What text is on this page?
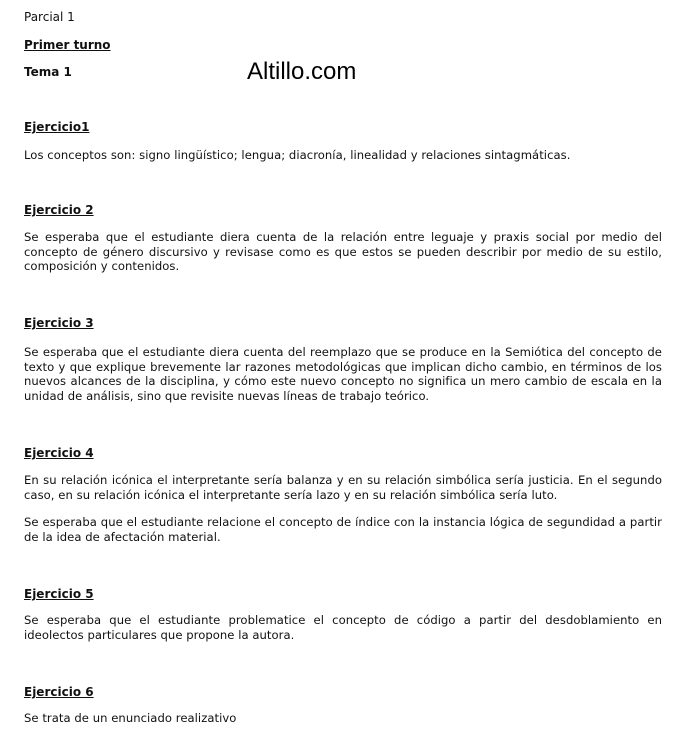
Parcial 1
Primer turno
Tema 1	Altillo.com
Ejercicio1
Los conceptos son: signo lingüístico; lengua; diacronía, linealidad y relaciones sintagmáticas.
Ejercicio 2
Se esperaba que el estudiante diera cuenta de la relación entre leguaje y praxis social por medio del concepto de género discursivo y revisase como es que estos se pueden describir por medio de su estilo, composición y contenidos.
Ejercicio 3
Se esperaba que el estudiante diera cuenta del reemplazo que se produce en la Semiótica del concepto de texto y que explique brevemente lar razones metodológicas que implican dicho cambio, en términos de los nuevos alcances de la disciplina, y cómo este nuevo concepto no significa un mero cambio de escala en la unidad de análisis, sino que revisite nuevas líneas de trabajo teórico.
Ejercicio 4
En su relación icónica el interpretante sería balanza y en su relación simbólica sería justicia. En el segundo caso, en su relación icónica el interpretante sería lazo y en su relación simbólica sería luto.
Se esperaba que el estudiante relacione el concepto de índice con la instancia lógica de segundidad a partir de la idea de afectación material.
Ejercicio 5
Se esperaba que el estudiante problematice el concepto de código a partir del desdoblamiento en ideolectos particulares que propone la autora.
Ejercicio 6
Se trata de un enunciado realizativo
